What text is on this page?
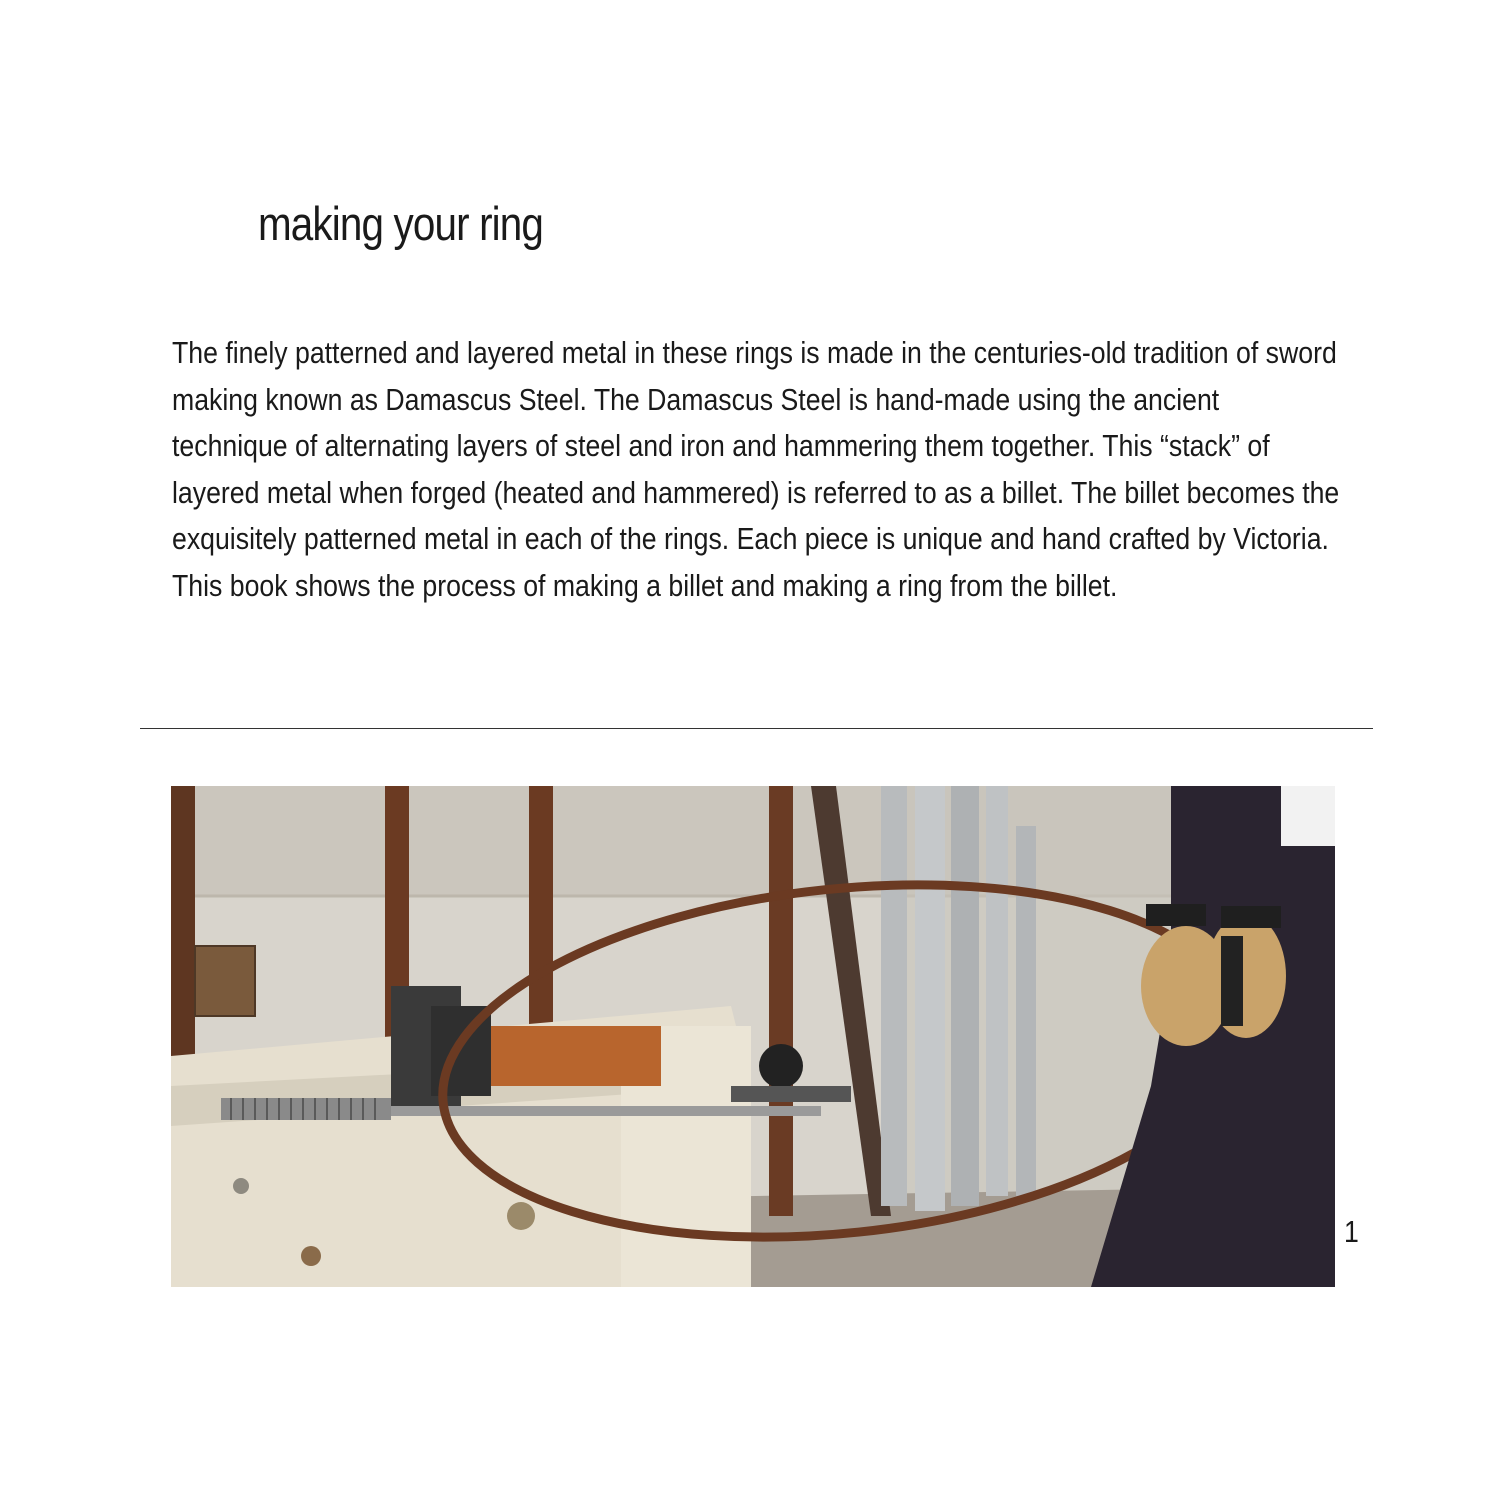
making your ring

The finely patterned and layered metal in these rings is made in the centuries-old tradition of sword making known as Damascus Steel. The Damascus Steel is hand-made using the ancient technique of alternating layers of steel and iron and hammering them together. This “stack” of layered metal when forged (heated and hammered) is referred to as a billet. The billet becomes the exquisitely patterned metal in each of the rings. Each piece is unique and hand crafted by Victoria. This book shows the process of making a billet and making a ring from the billet.

1
